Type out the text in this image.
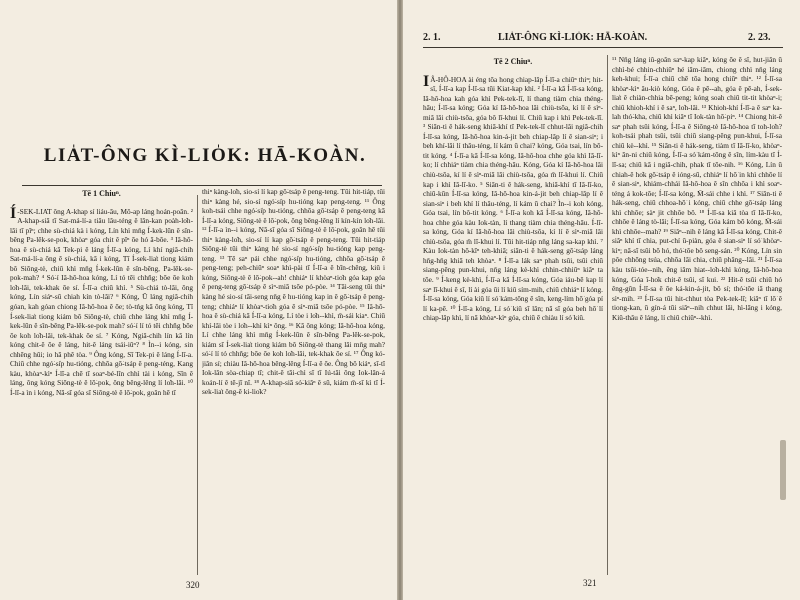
LIA̍T-ÔNG KÌ-LIO̍K: HĀ-KOÀN.
Tē 1 Chiuⁿ.

Í -SEK-LIA̍T ông A-khap sí liáu-āu, Mô-ap láng hoán-poān. ² A-khap-siā tī Sat-má-lí-a tiâu lâu-téng ê lân-kan poàh-lo̍h-lâi tī pīⁿ; chhe sù-chiá kà i kóng, Lín khì mn̄g Í-kek-lūn ê sîn-bêng Pa-lêk-se-pok, khòaⁿ góa chit ê pīⁿ ōe hó ā-bōe. ³ Iâ-hô-hoa ê sù-chiá kā Tek-pi ê láng Í-lī-a kóng, Lí khí ngiâ-chih Sat-má-lí-a ông ê sù-chiá, kā i kóng, Tī Í-sek-lia̍t tiong kiám bô Siōng-tè, chiū khì mn̄g Í-kek-lūn ê sîn-bêng, Pa-lêk-se-pok-mah? ⁴ Só͘-í Iâ-hô-hoa kóng, Lí tó tēi chhn̂g; bōe ōe koh lo̍h-lâi, tek-khak ōe sí. Í-lī-a chiū khì. ⁵ Sù-chiá tò-lâi, ông kóng, Lín siáⁿ-sū chiah kín tò-lâi? ⁶ Kóng, Ū láng ngiâ-chih góan, kah góan chiong Iâ-hô-hoa ê ōe; tò-tńg kā ông kóng, Tī Í-sek-lia̍t tiong kiám bô Siōng-tè, chiū chhe láng khì mn̄g Í-kek-lūn ê sîn-bêng Pa-lêk-se-pok mah? só͘-í lí tó tēi chhn̂g bōe ōe koh lo̍h-lâi, tek-khak ōe sí. ⁷ Kóng, Ngiâ-chih lín kā lín kóng chit-ê ōe ê láng, hit-ê láng tsái-iūⁿ? ⁸ Ìn--i kóng, sin chhēng hûi; io hā phê tòa. ⁹ Ông kóng, Sī Tek-pi ê láng Í-lī-a. Chiū chhe ngó͘-si̍p hu-tióng, chhōa gō͘-tsáp ê peng-téng, Kang kàu, khòaⁿ-kìⁿ Í-lī-a chē tī soaⁿ-bé-lîn chhì tài i kóng, Sîn ê láng, ông kóng Siōng-tè ê lō͘-pok, ông bêng-lêng lí lo̍h-lâi. ¹⁰ Í-lī-a ìn i kóng, Nā-sī góa sī Siōng-tè ê lō͘-pok, goân hē tī

thiⁿ kàng-lo̍h, sio-sí lí kap gō͘-tsáp ê peng-teng. Tūi hit-tiáp, tūi thiⁿ kàng hé, sio-sí ngó͘-si̍p hu-tióng kap peng-teng. ¹¹ Ông koh-tsái chhe ngó͘-si̍p hu-tióng, chhōa gō͘-tsáp ê peng-teng kā Í-lī-a kóng, Siōng-tè ê lō͘-pok, ông bêng-lêng lí kín-kín lo̍h-lâi. ¹² Í-lī-a ìn--i kóng, Nā-sī góa sī Siōng-tè ê lō͘-pok, goân hē tūi thiⁿ kàng-lo̍h, sio-sí lí kap gō͘-tsáp ê peng-teng. Tūi hit-tiáp Siōng-tè tūi thiⁿ kàng hé sio-sí ngó͘-si̍p hu-tióng kap peng-teng. ¹³ Tē saⁿ pái chhe ngó͘-si̍p hu-tióng, chhōa gō͘-tsáp ê peng-teng; peh-chiūⁿ soaⁿ khì-pài tī Í-lī-a ê bīn-chêng, kiû i kóng, Siōng-tè ê lō͘-pok--ah! chhiáⁿ lí khòaⁿ-tio̍h góa kap góa ê peng-teng gō͘-tsáp ê sìⁿ-miā tsōe pó-pòe. ¹⁴ Tāi-seng tūi thiⁿ kàng hé sio-sí tāi-seng nn̄g ê hu-tióng kap in ê gō͘-tsáp ê peng-teng; chhiáⁿ lí khòaⁿ-tio̍h góa ê sìⁿ-miā tsōe pó-pòe. ¹⁵ Iâ-hô-hoa ê sù-chiá kā Í-lī-a kóng, Lí tòe i lo̍h--khì, m̄-sái kiaⁿ. Chiū khí-lâi tòe i lo̍h--khì kìⁿ ông. ¹⁶ Kā ông kóng; Iâ-hô-hoa kóng, Lí chhe láng khì mn̄g Í-kek-lūn ê sîn-bêng Pa-lêk-se-pok, kiám sī Í-sek-lia̍t tiong kiám bô Siōng-tè thang lâi mn̄g mah? só͘-í lí tó chhn̂g; bōe ōe koh lo̍h-lâi, tek-khak ōe sí. ¹⁷ Ông kó-jiân sí; chiàu Iâ-hô-hoa bêng-lêng Í-lī-a ê ōe. Ông bô kiáⁿ, sī-tī Iok-lân sòa-chiap tī; chit-ê tāi-chì sī tī Iú-tāi ông Iok-lân-á koán-lí ê tē-jī nî. ¹⁸ A-khap-siā só͘-kiâⁿ ê sū, kiám m̄-sī kì tī Í-sek-lia̍t ông-ê ki-lio̍k?

320
2. 1.	LIA̍T-ÔNG KÌ-LIO̍K: HĀ-KOÀN.	2. 23.
Tē 2 Chiuⁿ.

I Â-HÔ-HOA ài éng tōa hong chiap-lâp Í-lī-a chiūⁿ thiⁿ; hit-sî, Í-lī-a kap Í-lī-sa tūi Kiat-kap khì. ² Í-lī-a kā Í-lī-sa kóng, Iâ-hô-hoa kah góa khì Pek-tek-lī, lí thang tiàm chia théng-hāu; Í-lī-sa kóng; Góa kí Iâ-hô-hoa lâi chiù-tsōa, kí lí ē sìⁿ-miâ lâi chiù-tsōa, góa bô lī-khui lí. Chiū kap i khì Pek-tek-lī. ³ Siān-ti ê hák-seng khiā-khí tī Pek-tek-lī chhut-lâi ngiâ-chih Í-lī-sa kóng, Iâ-hô-hoa kin-á-jit beh chiap-lâp lí ê sian-siⁿ; i beh khí-lâi lí thâu-téng, lí kám ū chai? kóng, Góa tsai, lín bô-tit kóng. ⁴ Í-lī-a kā Í-lī-sa kóng, Iâ-hô-hoa chhe góa khì Iā-lī-ko; lí chhiáⁿ tiàm chia théng-hāu. Kóng, Góa kí Iâ-hô-hoa lâi chiù-tsōa, kí lí ē sìⁿ-miā lâi chiù-tsōa, góa m̄ lī-khui lí. Chiū kap i khì Iā-lī-ko. ⁵ Siān-ti ê hák-seng, khiā-khí tī Iā-lī-ko, chiū-kūn Í-lī-sa kóng, Iâ-hô-hoa kin-á-jit beh chiap-lâp lí ê sian-siⁿ i beh khí lí thâu-téng, lí kám ū chai? Ìn--i koh kóng, Góa tsai, lín bô-tit kóng. ⁶ Í-lī-a koh kā Í-lī-sa kóng, Iâ-hô-hoa chhe góa kàu Iok-tàn, lí thang tiàm chia théng-hāu. Í-lī-sa kóng, Góa kí Iâ-hô-hoa lâi chiù-tsōa, kí lí ē sìⁿ-miā lâi chiù-tsōa, góa m̄ lī-khui lí. Tūi hit-tiáp nn̄g láng sa-kap khì. ⁷ Kàu Iok-tàn hō-kīⁿ teh-khiā; siān-ti ê hák-seng gō͘-tsáp láng hn̄g-hn̄g khiā teh khòaⁿ. ⁸ Í-lī-a lák saⁿ phah tsûi, tsûi chiū siang-pêng pun-khui, nn̄g láng kè-khì chhin-chhiūⁿ kiâⁿ ta tōe. ⁹ Í-keng kè-khì, Í-lī-a kā Í-lī-sa kóng, Góa iáu-bē kap lí saⁿ lī-khui ê sî, lí ài góa ūi lí kiû sím-mih, chiū chhiáⁿ lí kóng. Í-lī-sa kóng, Góa kiû lí só͘ kám-tōng ê sîn, keng-lím hō͘ góa pí lí ka-pē. ¹⁰ Í-lī-a kóng, Lí só͘ kiû sī lân; nā sī góa beh hō͘ lí chiap-lâp khì, lí nā khòaⁿ-kìⁿ góa, chiū ē chiàu lí só͘ kiû.

¹¹ Nn̄g láng iû-goân saⁿ-kap kiâⁿ, kóng ōe ê sî, hut-jiân ū chhì-bé chhin-chhiūⁿ hé iām-iām, chiong chhì nn̄g láng keh-khui; Í-lī-a chiū chē tōa hong chiūⁿ thiⁿ. ¹² Í-lī-sa khòaⁿ-kìⁿ âu-kiò kóng, Góa ê pē--ah, góa ê pē-ah, Í-sek-lia̍t ê chiàn-chhia bē-peng; kóng soah chiū tit-tit khòaⁿ-i; chiū khioh-khí i ê saⁿ, lo̍h-lâi. ¹³ Khioh-khí Í-lī-a ê saⁿ ka-lah thó͘-kha, chiū khì kiâⁿ tī Iok-tàn hō͘-piⁿ. ¹⁴ Chiong hit-ê saⁿ phah tsûi kóng, Í-lī-a ê Siōng-tè Iâ-hô-hoa tī toh-lo̍h? koh-tsái phah tsûi, tsûi chiū siang-pêng pun-khui, Í-lī-sa chiū kè--khì. ¹⁵ Siān-ti ê hák-seng, tiàm tī Iā-lī-ko, khòaⁿ-kìⁿ ān-ni chiū kóng, Í-lī-a só͘ kám-tōng ê sîn, lím-kàu tī Í-lī-sa; chiū kā i ngiâ-chih, phak tī tōe-nih. ¹⁶ Kóng, Lín ū chiah-ê ho̍k gō͘-tsáp ê ióng-sū, chhiáⁿ lí hō͘ in khì chhōe lí ê sian-siⁿ, khiám-chhái Iâ-hô-hoa ê sîn chhōa i khì soaⁿ-téng á kok-tōe; Í-lī-sa kóng, M̄-sái chhe i khì. ¹⁷ Siān-ti ê hák-seng, chiū chhoa-hō͘ i kóng, chiū chhe gō͘-tsáp láng khì chhōe; sàⁿ jit chhōe bô. ¹⁸ Í-lī-sa kiâ tòa tī Iā-lī-ko, chhōe ê láng tò-lâi; Í-lī-sa kóng, Góa kám bô kóng, M̄-sái khì chhōe--mah? ¹⁹ Siâⁿ--nih ê láng kā Í-lī-sa kóng, Chit-ê siâⁿ khí tī chia, put-chí ū-piàn, góa ê sian-siⁿ lí só͘ khòaⁿ-kìⁿ; nā-sī tsûi bô hó, thó͘-tōe bô seng-sán. ²⁰ Kóng, Lín sin pôe chhōng tsúa, chhōa lâi chia, chiū phâng--lâi. ²¹ Í-lī-sa kàu tsûi-tóe--nih, êng iâm hiat--lo̍h-khì kóng, Iâ-hô-hoa kóng, Góa ī-ho̍k chit-ê tsûi, sī kui. ²² Hit-ê tsûi chiū hó êng-gûn Í-lī-sa ê ōe ká-kin-á-jit, bô sí; thó͘-tōe iā thang sìⁿ-mih. ²³ Í-lī-sa tūi hit-chhut tòa Pek-tek-lī; kiâⁿ tī lō͘ ê tiong-kan, ū gín-á tūi siâⁿ--nih chhut lâi, hì-lāng i kóng, Kiû-thâu ê láng, lí chiū chiūⁿ--khì.

321
